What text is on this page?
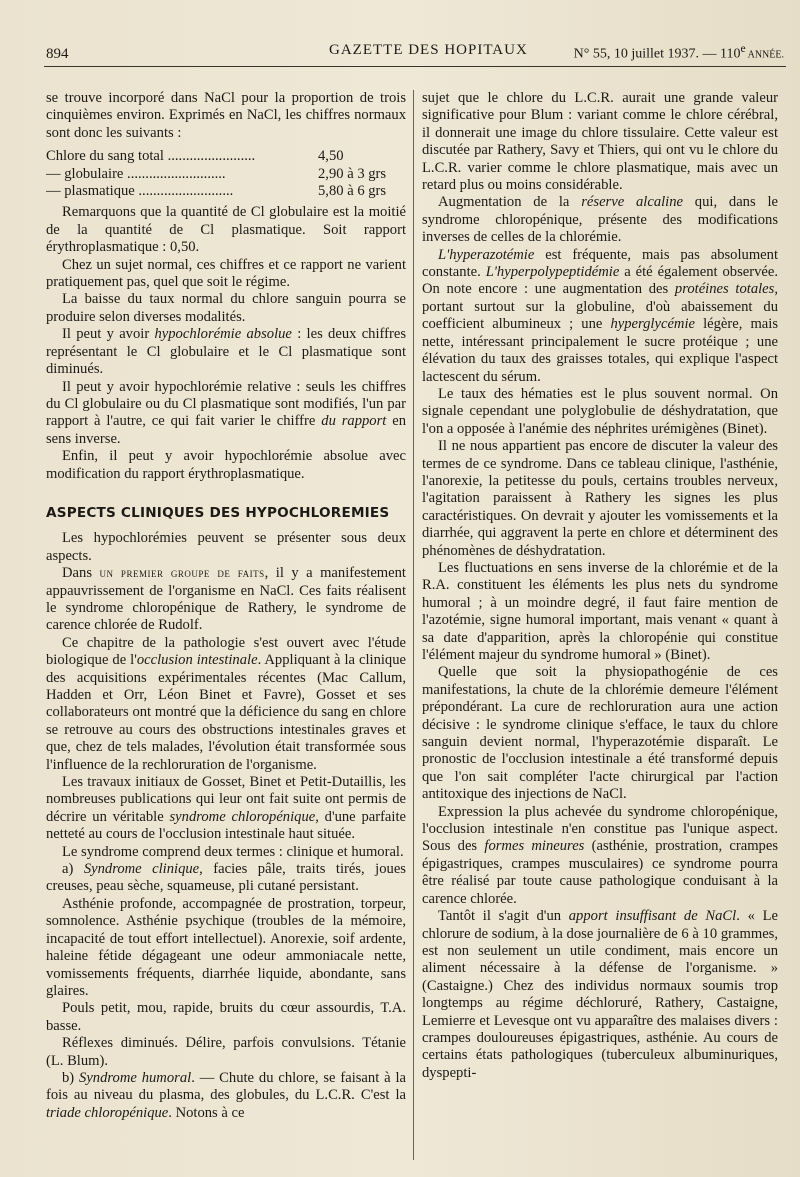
894	GAZETTE DES HOPITAUX	N° 55, 10 juillet 1937. — 110e ANNÉE.

se trouve incorporé dans NaCl pour la proportion de trois cinquièmes environ. Exprimés en NaCl, les chiffres normaux sont donc les suivants :

Chlore du sang total ........................	4,50
— globulaire ...........................	2,90 à 3 grs
— plasmatique ..........................	5,80 à 6 grs

Remarquons que la quantité de Cl globulaire est la moitié de la quantité de Cl plasmatique. Soit rapport érythroplasmatique : 0,50.

Chez un sujet normal, ces chiffres et ce rapport ne varient pratiquement pas, quel que soit le régime.

La baisse du taux normal du chlore sanguin pourra se produire selon diverses modalités.

Il peut y avoir hypochlorémie absolue : les deux chiffres représentant le Cl globulaire et le Cl plasmatique sont diminués.

Il peut y avoir hypochlorémie relative : seuls les chiffres du Cl globulaire ou du Cl plasmatique sont modifiés, l'un par rapport à l'autre, ce qui fait varier le chiffre du rapport en sens inverse.

Enfin, il peut y avoir hypochlorémie absolue avec modification du rapport érythroplasmatique.

ASPECTS CLINIQUES DES HYPOCHLOREMIES

Les hypochlorémies peuvent se présenter sous deux aspects.

Dans un premier groupe de faits, il y a manifestement appauvrissement de l'organisme en NaCl. Ces faits réalisent le syndrome chloropénique de Rathery, le syndrome de carence chlorée de Rudolf.

Ce chapitre de la pathologie s'est ouvert avec l'étude biologique de l'occlusion intestinale. Appliquant à la clinique des acquisitions expérimentales récentes (Mac Callum, Hadden et Orr, Léon Binet et Favre), Gosset et ses collaborateurs ont montré que la déficience du sang en chlore se retrouve au cours des obstructions intestinales graves et que, chez de tels malades, l'évolution était transformée sous l'influence de la rechloruration de l'organisme.

Les travaux initiaux de Gosset, Binet et Petit-Dutaillis, les nombreuses publications qui leur ont fait suite ont permis de décrire un véritable syndrome chloropénique, d'une parfaite netteté au cours de l'occlusion intestinale haut située.

Le syndrome comprend deux termes : clinique et humoral.

a) Syndrome clinique, facies pâle, traits tirés, joues creuses, peau sèche, squameuse, pli cutané persistant.

Asthénie profonde, accompagnée de prostration, torpeur, somnolence. Asthénie psychique (troubles de la mémoire, incapacité de tout effort intellectuel). Anorexie, soif ardente, haleine fétide dégageant une odeur ammoniacale nette, vomissements fréquents, diarrhée liquide, abondante, sans glaires.

Pouls petit, mou, rapide, bruits du cœur assourdis, T.A. basse.

Réflexes diminués. Délire, parfois convulsions. Tétanie (L. Blum).

b) Syndrome humoral. — Chute du chlore, se faisant à la fois au niveau du plasma, des globules, du L.C.R. C'est la triade chloropénique. Notons à ce

sujet que le chlore du L.C.R. aurait une grande valeur significative pour Blum : variant comme le chlore cérébral, il donnerait une image du chlore tissulaire. Cette valeur est discutée par Rathery, Savy et Thiers, qui ont vu le chlore du L.C.R. varier comme le chlore plasmatique, mais avec un retard plus ou moins considérable.

Augmentation de la réserve alcaline qui, dans le syndrome chloropénique, présente des modifications inverses de celles de la chlorémie.

L'hyperazotémie est fréquente, mais pas absolument constante. L'hyperpolypeptidémie a été également observée. On note encore : une augmentation des protéines totales, portant surtout sur la globuline, d'où abaissement du coefficient albumineux ; une hyperglycémie légère, mais nette, intéressant principalement le sucre protéique ; une élévation du taux des graisses totales, qui explique l'aspect lactescent du sérum.

Le taux des hématies est le plus souvent normal. On signale cependant une polyglobulie de déshydratation, que l'on a opposée à l'anémie des néphrites urémigènes (Binet).

Il ne nous appartient pas encore de discuter la valeur des termes de ce syndrome. Dans ce tableau clinique, l'asthénie, l'anorexie, la petitesse du pouls, certains troubles nerveux, l'agitation paraissent à Rathery les signes les plus caractéristiques. On devrait y ajouter les vomissements et la diarrhée, qui aggravent la perte en chlore et déterminent des phénomènes de déshydratation.

Les fluctuations en sens inverse de la chlorémie et de la R.A. constituent les éléments les plus nets du syndrome humoral ; à un moindre degré, il faut faire mention de l'azotémie, signe humoral important, mais venant « quant à sa date d'apparition, après la chloropénie qui constitue l'élément majeur du syndrome humoral » (Binet).

Quelle que soit la physiopathogénie de ces manifestations, la chute de la chlorémie demeure l'élément prépondérant. La cure de rechloruration aura une action décisive : le syndrome clinique s'efface, le taux du chlore sanguin devient normal, l'hyperazotémie disparaît. Le pronostic de l'occlusion intestinale a été transformé depuis que l'on sait compléter l'acte chirurgical par l'action antitoxique des injections de NaCl.

Expression la plus achevée du syndrome chloropénique, l'occlusion intestinale n'en constitue pas l'unique aspect. Sous des formes mineures (asthénie, prostration, crampes épigastriques, crampes musculaires) ce syndrome pourra être réalisé par toute cause pathologique conduisant à la carence chlorée.

Tantôt il s'agit d'un apport insuffisant de NaCl. « Le chlorure de sodium, à la dose journalière de 6 à 10 grammes, est non seulement un utile condiment, mais encore un aliment nécessaire à la défense de l'organisme. » (Castaigne.) Chez des individus normaux soumis trop longtemps au régime déchloruré, Rathery, Castaigne, Lemierre et Levesque ont vu apparaître des malaises divers : crampes douloureuses épigastriques, asthénie. Au cours de certains états pathologiques (tuberculeux albuminuriques, dyspepti-
